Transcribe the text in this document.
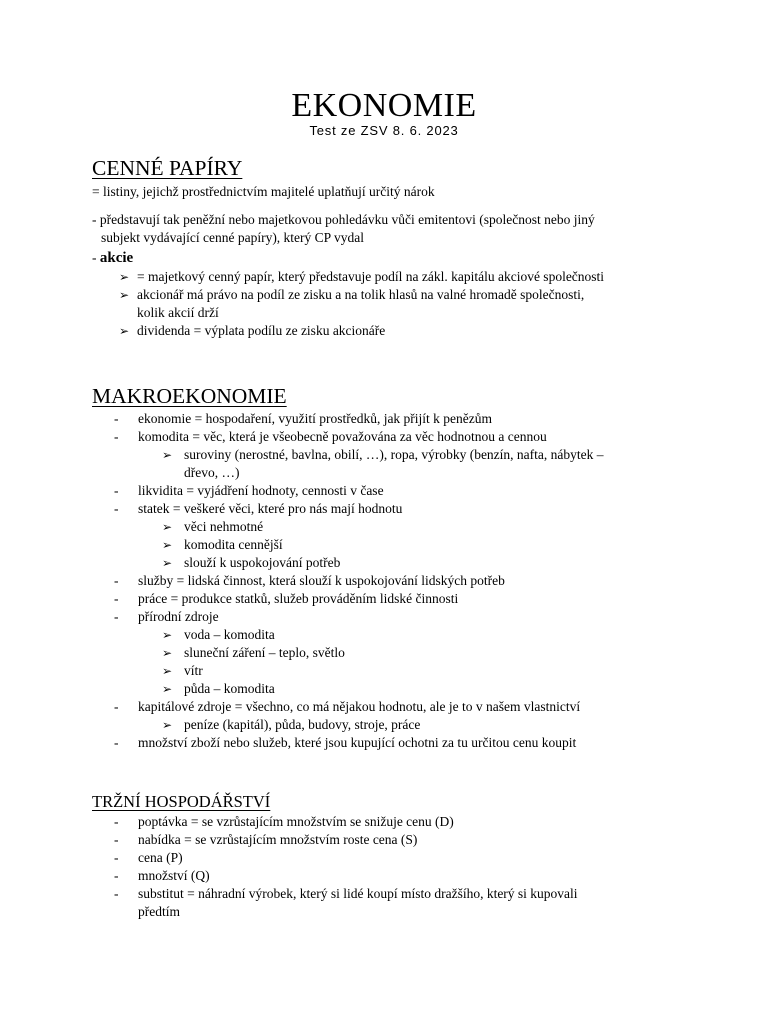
EKONOMIE
Test ze ZSV 8. 6. 2023
CENNÉ PAPÍRY
= listiny, jejichž prostřednictvím majitelé uplatňují určitý nárok
- představují tak peněžní nebo majetkovou pohledávku vůči emitentovi (společnost nebo jiný
subjekt vydávající cenné papíry), který CP vydal
- akcie
➢ = majetkový cenný papír, který představuje podíl na zákl. kapitálu akciové společnosti
➢ akcionář má právo na podíl ze zisku a na tolik hlasů na valné hromadě společnosti,
kolik akcií drží
➢ dividenda = výplata podílu ze zisku akcionáře
MAKROEKONOMIE
- ekonomie = hospodaření, využití prostředků, jak přijít k penězům
- komodita = věc, která je všeobecně považována za věc hodnotnou a cennou
➢ suroviny (nerostné, bavlna, obilí, …), ropa, výrobky (benzín, nafta, nábytek –
dřevo, …)
- likvidita = vyjádření hodnoty, cennosti v čase
- statek = veškeré věci, které pro nás mají hodnotu
➢ věci nehmotné
➢ komodita cennější
➢ slouží k uspokojování potřeb
- služby = lidská činnost, která slouží k uspokojování lidských potřeb
- práce = produkce statků, služeb prováděním lidské činnosti
- přírodní zdroje
➢ voda – komodita
➢ sluneční záření – teplo, světlo
➢ vítr
➢ půda – komodita
- kapitálové zdroje = všechno, co má nějakou hodnotu, ale je to v našem vlastnictví
➢ peníze (kapitál), půda, budovy, stroje, práce
- množství zboží nebo služeb, které jsou kupující ochotni za tu určitou cenu koupit
TRŽNÍ HOSPODÁŘSTVÍ
- poptávka = se vzrůstajícím množstvím se snižuje cenu (D)
- nabídka = se vzrůstajícím množstvím roste cena (S)
- cena (P)
- množství (Q)
- substitut = náhradní výrobek, který si lidé koupí místo dražšího, který si kupovali
předtím
